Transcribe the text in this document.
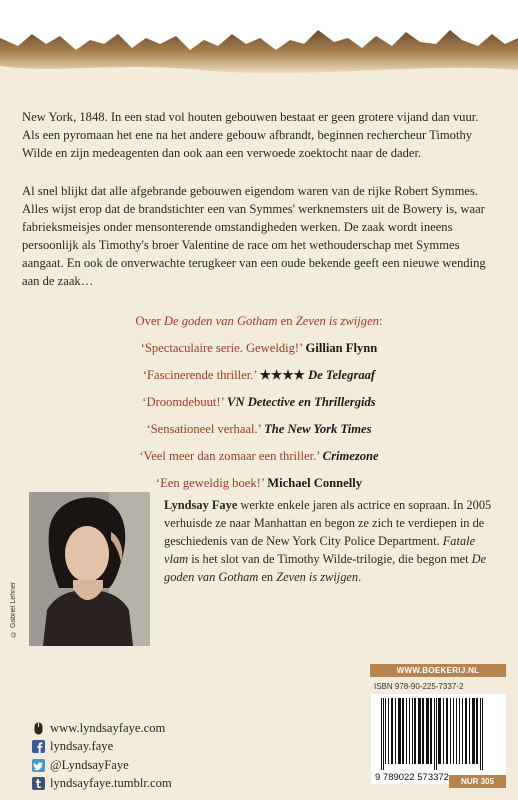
New York, 1848. In een stad vol houten gebouwen bestaat er geen grotere vijand dan vuur. Als een pyromaan het ene na het andere gebouw afbrandt, beginnen rechercheur Timothy Wilde en zijn medeagenten dan ook aan een verwoede zoektocht naar de dader.

Al snel blijkt dat alle afgebrande gebouwen eigendom waren van de rijke Robert Symmes. Alles wijst erop dat de brandstichter een van Symmes' werknemsters uit de Bowery is, waar fabrieksmeisjes onder mensonterende omstandigheden werken. De zaak wordt ineens persoonlijk als Timothy's broer Valentine de race om het wethouderschap met Symmes aangaat. En ook de onverwachte terugkeer van een oude bekende geeft een nieuwe wending aan de zaak…

Over De goden van Gotham en Zeven is zwijgen:
‘Spectaculaire serie. Geweldig!’ Gillian Flynn
‘Fascinerende thriller.’ ★★★★ De Telegraaf
‘Droomdebuut!’ VN Detective en Thrillergids
‘Sensationeel verhaal.’ The New York Times
‘Veel meer dan zomaar een thriller.’ Crimezone
‘Een geweldig boek!’ Michael Connelly
© Gabriel Lehner

Lyndsay Faye werkte enkele jaren als actrice en sopraan. In 2005 verhuisde ze naar Manhattan en begon ze zich te verdiepen in de geschiedenis van de New York City Police Department. Fatale vlam is het slot van de Timothy Wilde-trilogie, die begon met De goden van Gotham en Zeven is zwijgen.

www.lyndsayfaye.com
lyndsay.faye
@LyndsayFaye
lyndsayfaye.tumblr.com
WWW.BOEKERIJ.NL
ISBN 978-90-225-7337-2
9 789022 573372	NUR 305
